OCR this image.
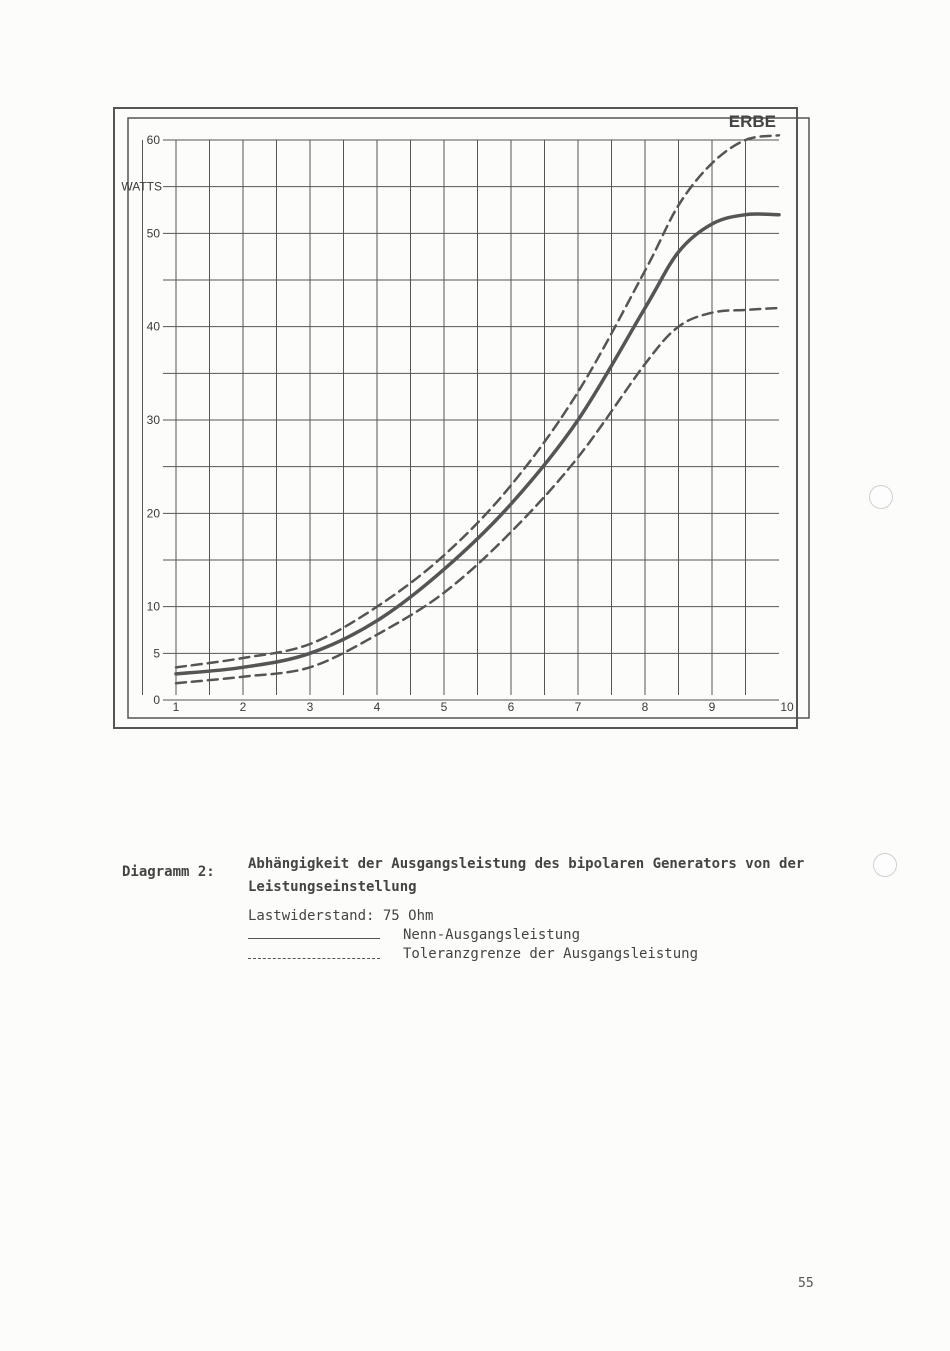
0
5
10
20
30
40
50
60
WATTS
1	2	3	4	5	6	7	8	9	10
ERBE
Diagramm 2: Abhängigkeit der Ausgangsleistung des bipolaren Generators von der Leistungseinstellung
Lastwiderstand: 75 Ohm
Nenn-Ausgangsleistung
Toleranzgrenze der Ausgangsleistung
55
